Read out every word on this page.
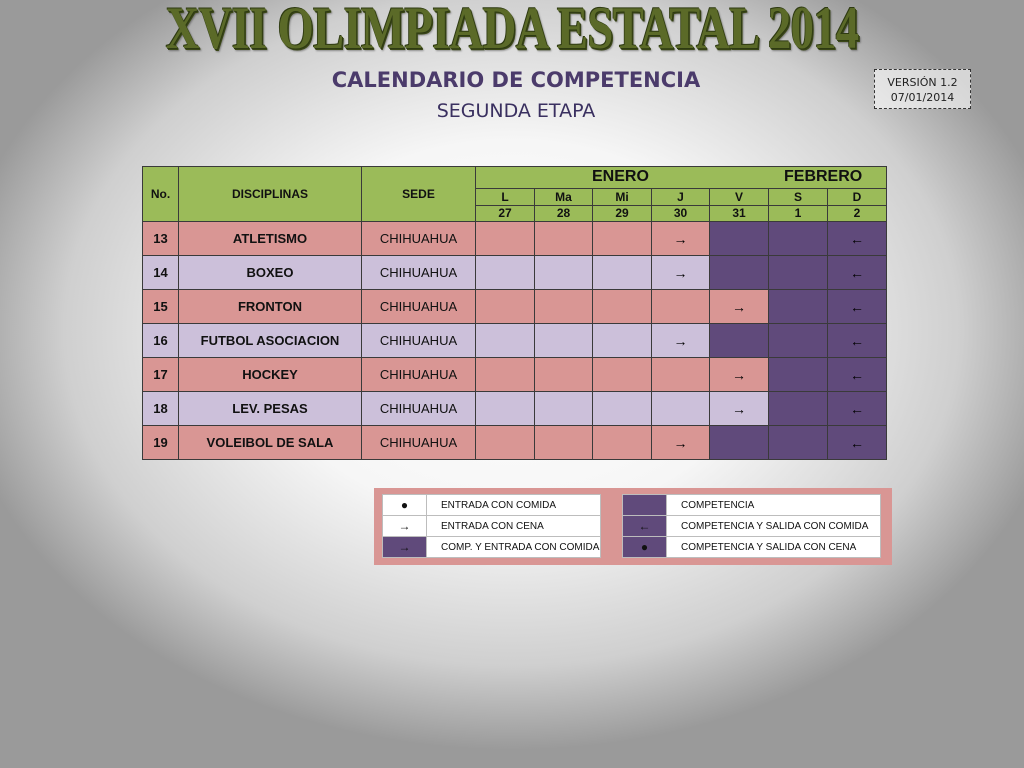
XVII OLIMPIADA ESTATAL 2014
CALENDARIO DE COMPETENCIA
SEGUNDA ETAPA
VERSIÓN 1.2
07/01/2014
No.	DISCIPLINAS	SEDE	ENERO FEBRERO						

			L	Ma	Mi	J	V	S	D
			27	28	29	30	31	1	2
13	ATLETISMO	CHIHUAHUA				→			←
14	BOXEO	CHIHUAHUA				→			←
15	FRONTON	CHIHUAHUA					→		←
16	FUTBOL ASOCIACION	CHIHUAHUA				→			←
17	HOCKEY	CHIHUAHUA					→		←
18	LEV. PESAS	CHIHUAHUA					→		←
19	VOLEIBOL DE SALA	CHIHUAHUA				→			←
●	ENTRADA CON COMIDA
→	ENTRADA CON CENA
→	COMP. Y ENTRADA CON COMIDA
	COMPETENCIA
←	COMPETENCIA Y SALIDA CON COMIDA
●	COMPETENCIA Y SALIDA CON CENA
